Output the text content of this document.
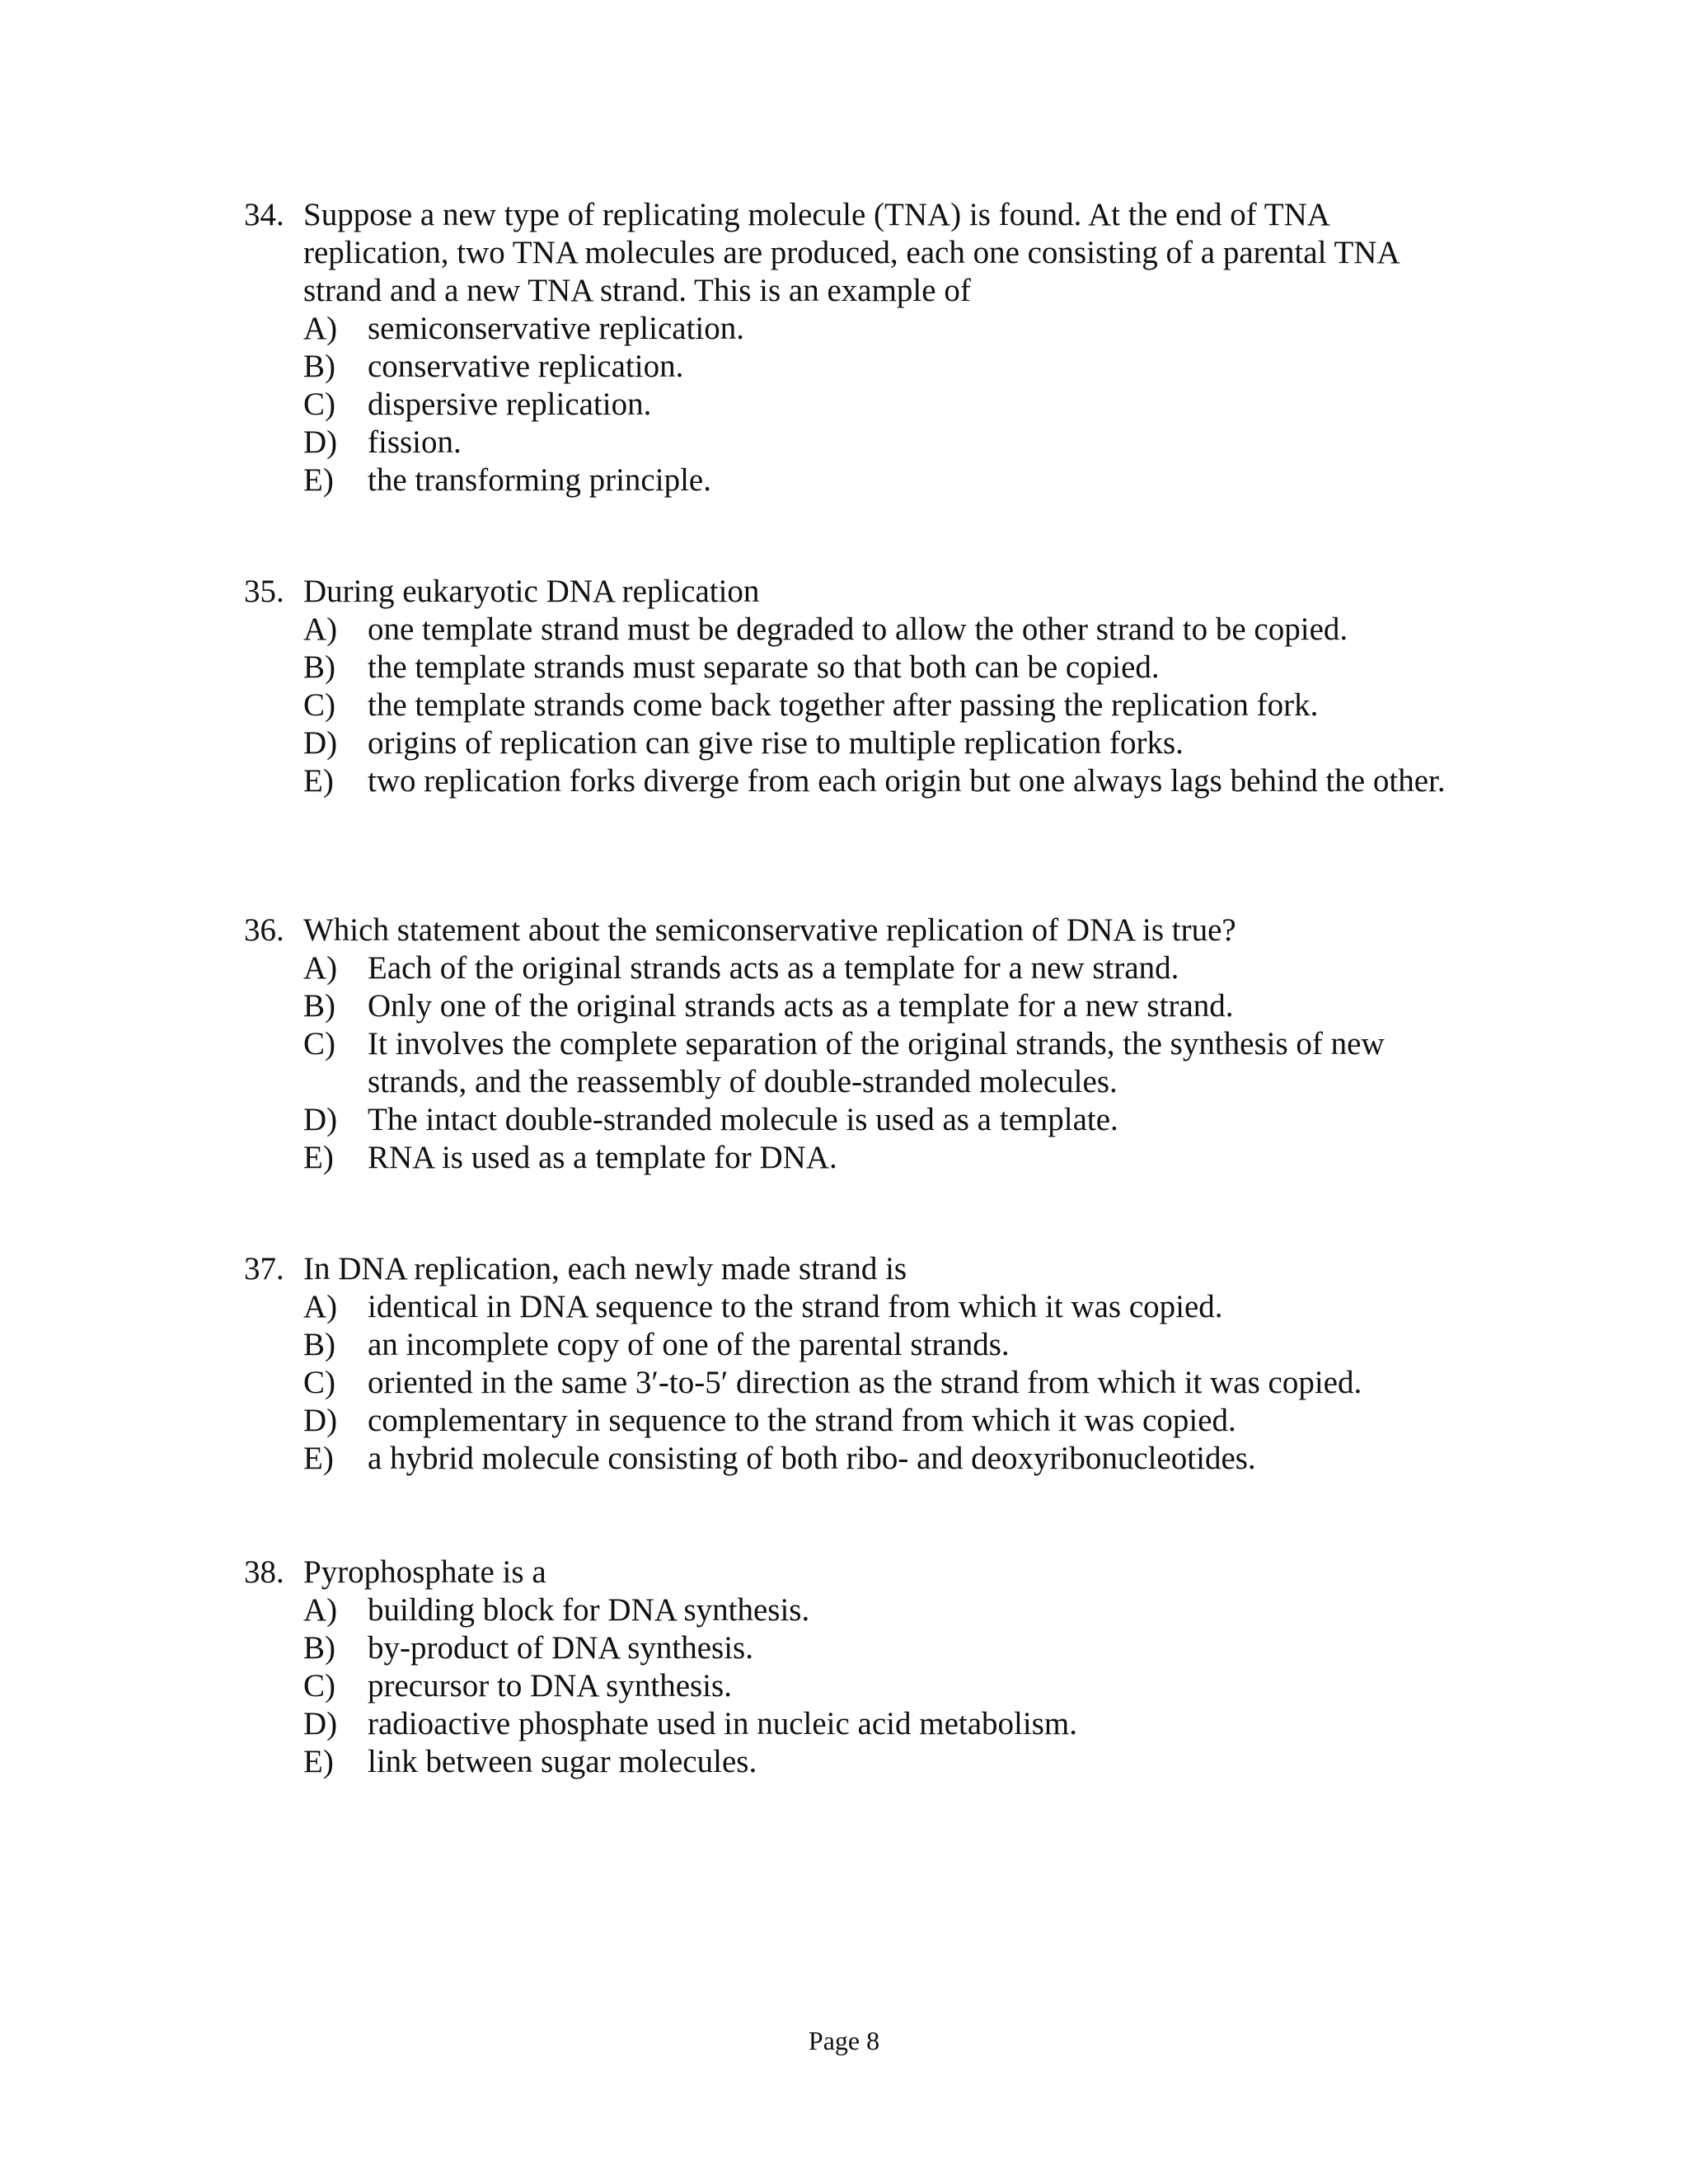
34. Suppose a new type of replicating molecule (TNA) is found. At the end of TNA replication, two TNA molecules are produced, each one consisting of a parental TNA strand and a new TNA strand. This is an example of
A) semiconservative replication.
B)	conservative replication.
C)	dispersive replication.
D) fission.
E)	the transforming principle.
35. During eukaryotic DNA replication
A) one template strand must be degraded to allow the other strand to be copied.
B)	the template strands must separate so that both can be copied.
C)	the template strands come back together after passing the replication fork.
D) origins of replication can give rise to multiple replication forks.
E)	two replication forks diverge from each origin but one always lags behind the other.
36. Which statement about the semiconservative replication of DNA is true?
A) Each of the original strands acts as a template for a new strand.
B)	Only one of the original strands acts as a template for a new strand.
C)	It involves the complete separation of the original strands, the synthesis of new strands, and the reassembly of double-stranded molecules.
D) The intact double-stranded molecule is used as a template.
E)	RNA is used as a template for DNA.
37. In DNA replication, each newly made strand is
A) identical in DNA sequence to the strand from which it was copied.
B)	an incomplete copy of one of the parental strands.
C)	oriented in the same 3′-to-5′ direction as the strand from which it was copied.
D) complementary in sequence to the strand from which it was copied.
E)	a hybrid molecule consisting of both ribo- and deoxyribonucleotides.
38. Pyrophosphate is a
A) building block for DNA synthesis.
B)	by-product of DNA synthesis.
C)	precursor to DNA synthesis.
D) radioactive phosphate used in nucleic acid metabolism.
E)	link between sugar molecules.
Page 8
